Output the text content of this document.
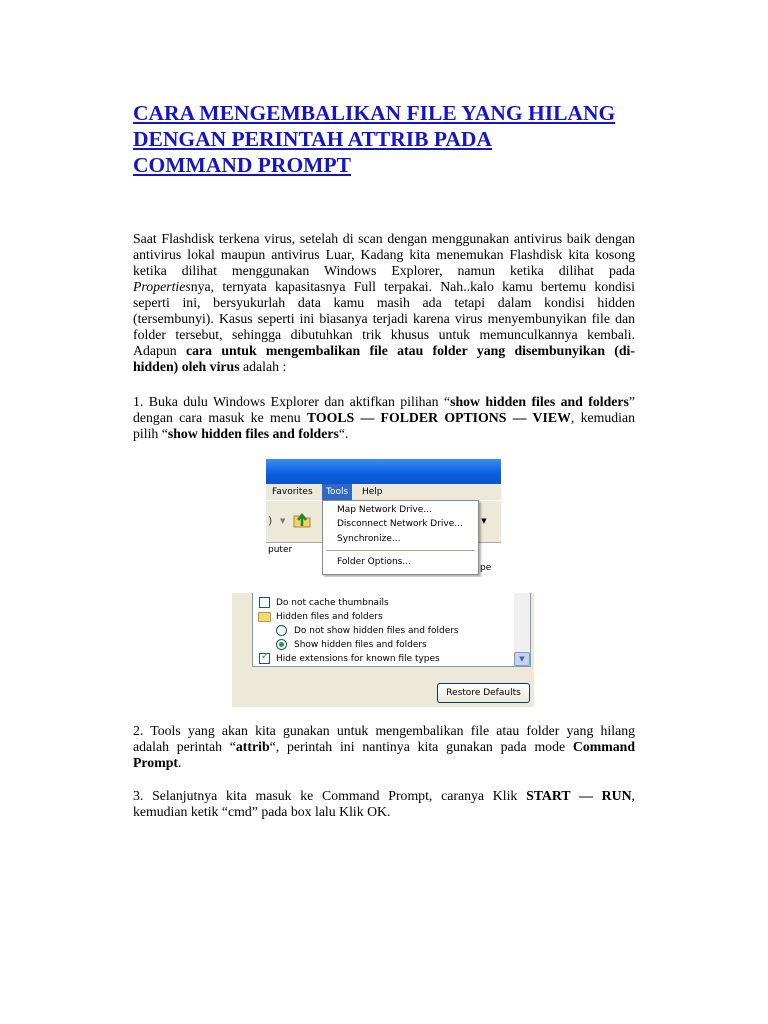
CARA MENGEMBALIKAN FILE YANG HILANG
DENGAN PERINTAH ATTRIB PADA
COMMAND PROMPT
Saat Flashdisk terkena virus, setelah di scan dengan menggunakan antivirus baik dengan
antivirus lokal maupun antivirus Luar, Kadang kita menemukan Flashdisk kita kosong
ketika dilihat menggunakan Windows Explorer, namun ketika dilihat pada
Propertiesnya, ternyata kapasitasnya Full terpakai. Nah..kalo kamu bertemu kondisi
seperti ini, bersyukurlah data kamu masih ada tetapi dalam kondisi hidden
(tersembunyi). Kasus seperti ini biasanya terjadi karena virus menyembunyikan file dan
folder tersebut, sehingga dibutuhkan trik khusus untuk memunculkannya kembali.
Adapun cara untuk mengembalikan file atau folder yang disembunyikan (di-
hidden) oleh virus adalah :
1. Buka dulu Windows Explorer dan aktifkan pilihan “show hidden files and folders”
dengan cara masuk ke menu TOOLS — FOLDER OPTIONS — VIEW, kemudian
pilih “show hidden files and folders“.
Favorites	Tools	Help
) ▼	▼
puter
pe
Map Network Drive...
Disconnect Network Drive...
Synchronize...
Folder Options...
▼
Do not cache thumbnails
Hidden files and folders
Do not show hidden files and folders
Show hidden files and folders
✓
Hide extensions for known file types
Restore Defaults
2. Tools yang akan kita gunakan untuk mengembalikan file atau folder yang hilang
adalah perintah “attrib“, perintah ini nantinya kita gunakan pada mode Command
Prompt.
3. Selanjutnya kita masuk ke Command Prompt, caranya Klik START — RUN,
kemudian ketik “cmd” pada box lalu Klik OK.
